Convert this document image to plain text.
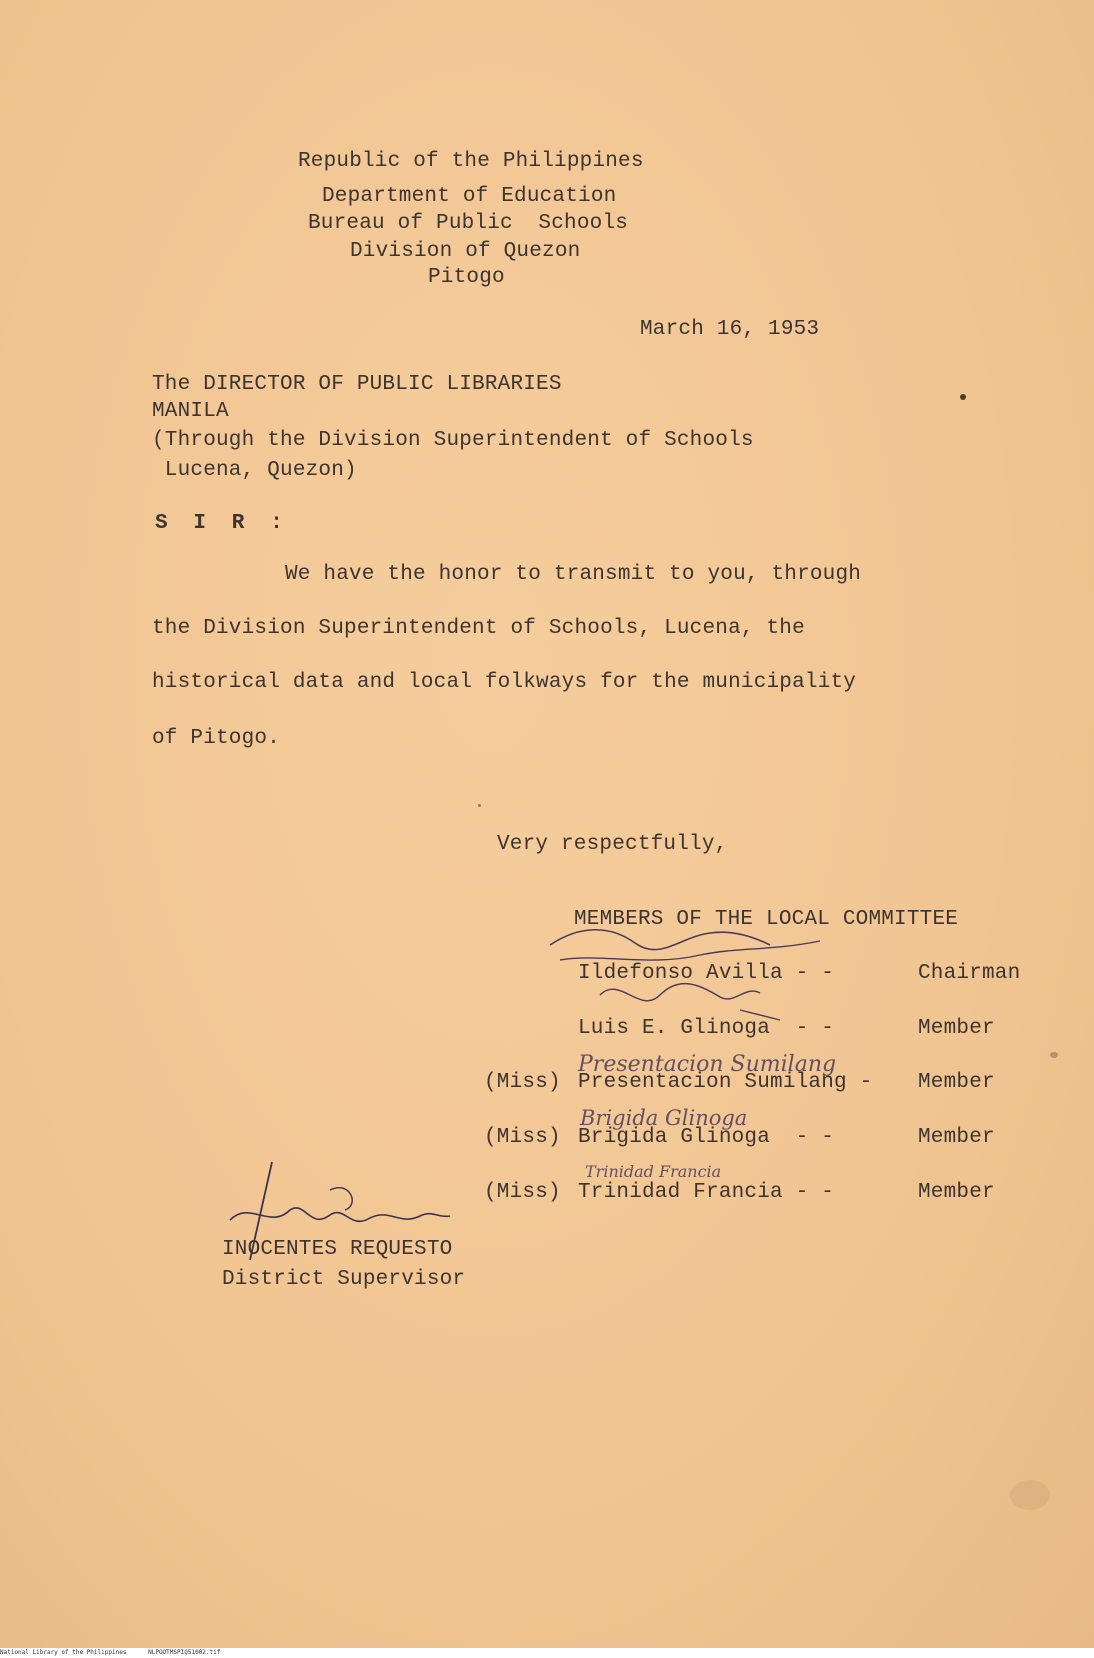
Republic of the Philippines
Department of Education
Bureau of Public  Schools
Division of Quezon
Pitogo
March 16, 1953
The DIRECTOR OF PUBLIC LIBRARIES
MANILA
(Through the Division Superintendent of Schools
Lucena, Quezon)
S  I  R  :
We have the honor to transmit to you, through
the Division Superintendent of Schools, Lucena, the
historical data and local folkways for the municipality
of Pitogo.
Very respectfully,
MEMBERS OF THE LOCAL COMMITTEE
Ildefonso Avilla - -	Chairman
Luis E. Glinoga  - -	Member
(Miss) Presentacion Sumilang - Member
(Miss) Brigida Glinoga  - -	Member
(Miss) Trinidad Francia - -	Member
Presentacion Sumilang
Brigida Glinoga
Trinidad Francia
INOCENTES REQUESTO
District Supervisor
National Library of the Philippines      NLPOOTMSPIQ51002.tif
